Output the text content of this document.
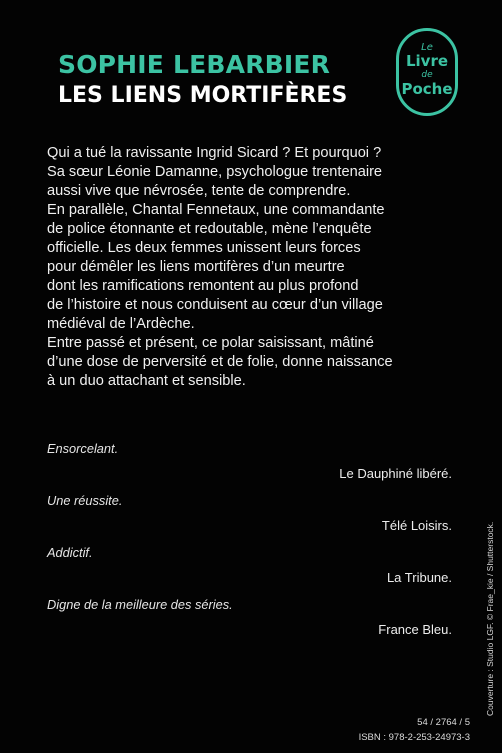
SOPHIE LEBARBIER
LES LIENS MORTIFÈRES
Le
Livre
de
Poche
Qui a tué la ravissante Ingrid Sicard ? Et pourquoi ?
Sa sœur Léonie Damanne, psychologue trentenaire
aussi vive que névrosée, tente de comprendre.
En parallèle, Chantal Fennetaux, une commandante
de police étonnante et redoutable, mène l’enquête
officielle. Les deux femmes unissent leurs forces
pour démêler les liens mortifères d’un meurtre
dont les ramifications remontent au plus profond
de l’histoire et nous conduisent au cœur d’un village
médiéval de l’Ardèche.
Entre passé et présent, ce polar saisissant, mâtiné
d’une dose de perversité et de folie, donne naissance
à un duo attachant et sensible.
Ensorcelant.
Le Dauphiné libéré.
Une réussite.
Télé Loisirs.
Addictif.
La Tribune.
Digne de la meilleure des séries.
France Bleu.	Couverture : Studio LGF. © Frae_kie / Shutterstock.
54 / 2764 / 5
ISBN : 978-2-253-24973-3
